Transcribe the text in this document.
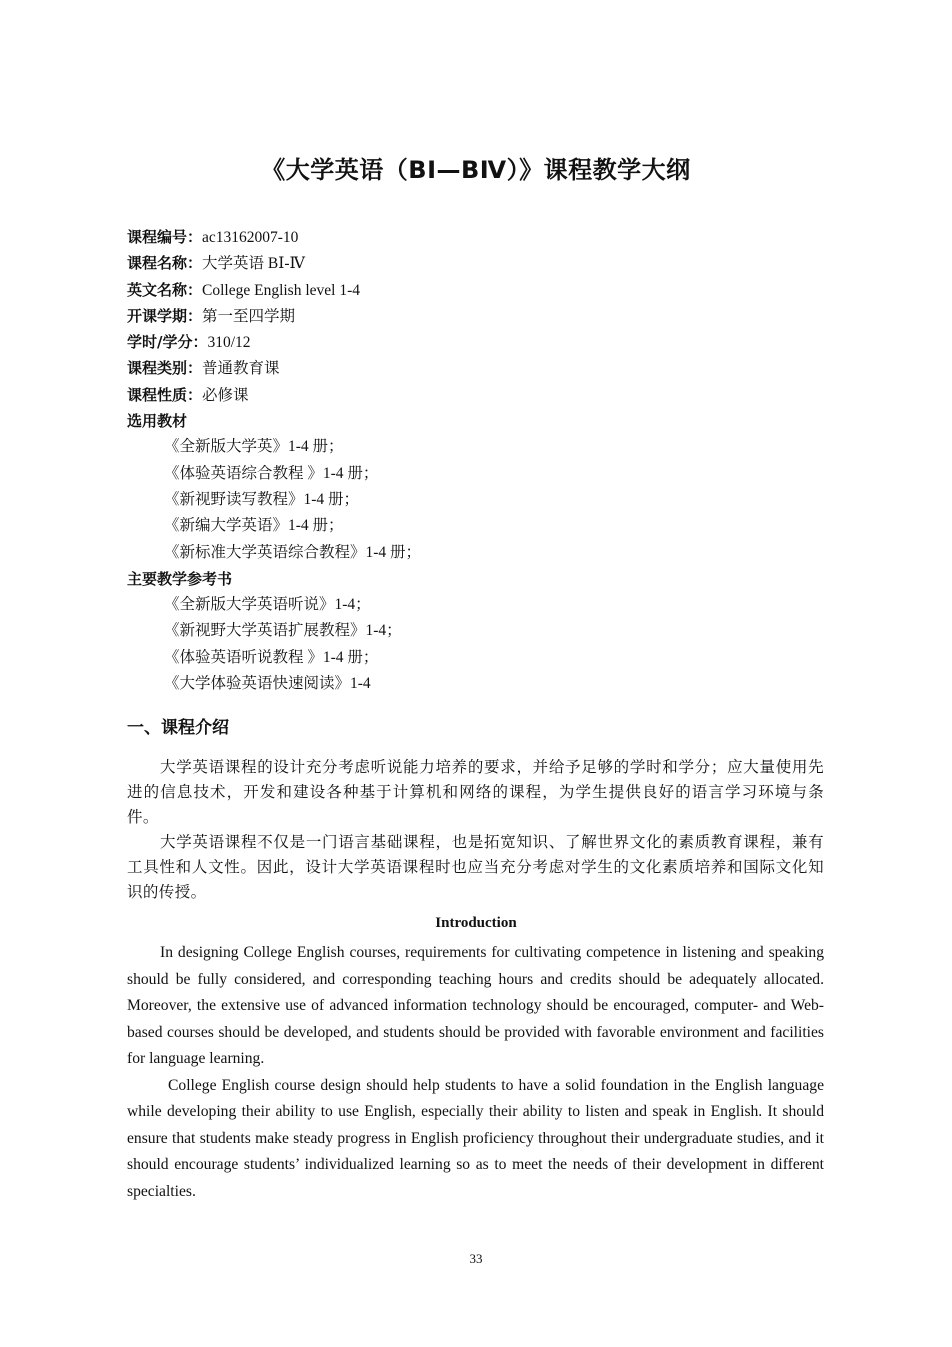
《大学英语（BⅠ—BⅣ）》课程教学大纲
课程编号：ac13162007-10
课程名称：大学英语 BⅠ-Ⅳ
英文名称：College English level 1-4
开课学期：第一至四学期
学时/学分：310/12
课程类别：普通教育课
课程性质：必修课
选用教材
《全新版大学英》1-4 册；
《体验英语综合教程 》1-4 册；
《新视野读写教程》1-4 册；
《新编大学英语》1-4 册；
《新标准大学英语综合教程》1-4 册；
主要教学参考书
《全新版大学英语听说》1-4；
《新视野大学英语扩展教程》1-4；
《体验英语听说教程 》1-4 册；
《大学体验英语快速阅读》1-4
一、课程介绍

大学英语课程的设计充分考虑听说能力培养的要求，并给予足够的学时和学分；应大量使用先进的信息技术，开发和建设各种基于计算机和网络的课程，为学生提供良好的语言学习环境与条件。

大学英语课程不仅是一门语言基础课程，也是拓宽知识、了解世界文化的素质教育课程，兼有工具性和人文性。因此，设计大学英语课程时也应当充分考虑对学生的文化素质培养和国际文化知识的传授。

Introduction

In designing College English courses, requirements for cultivating competence in listening and speaking should be fully considered, and corresponding teaching hours and credits should be adequately allocated. Moreover, the extensive use of advanced information technology should be encouraged, computer- and Web-based courses should be developed, and students should be provided with favorable environment and facilities for language learning.

College English course design should help students to have a solid foundation in the English language while developing their ability to use English, especially their ability to listen and speak in English. It should ensure that students make steady progress in English proficiency throughout their undergraduate studies, and it should encourage students’ individualized learning so as to meet the needs of their development in different specialties.

33
